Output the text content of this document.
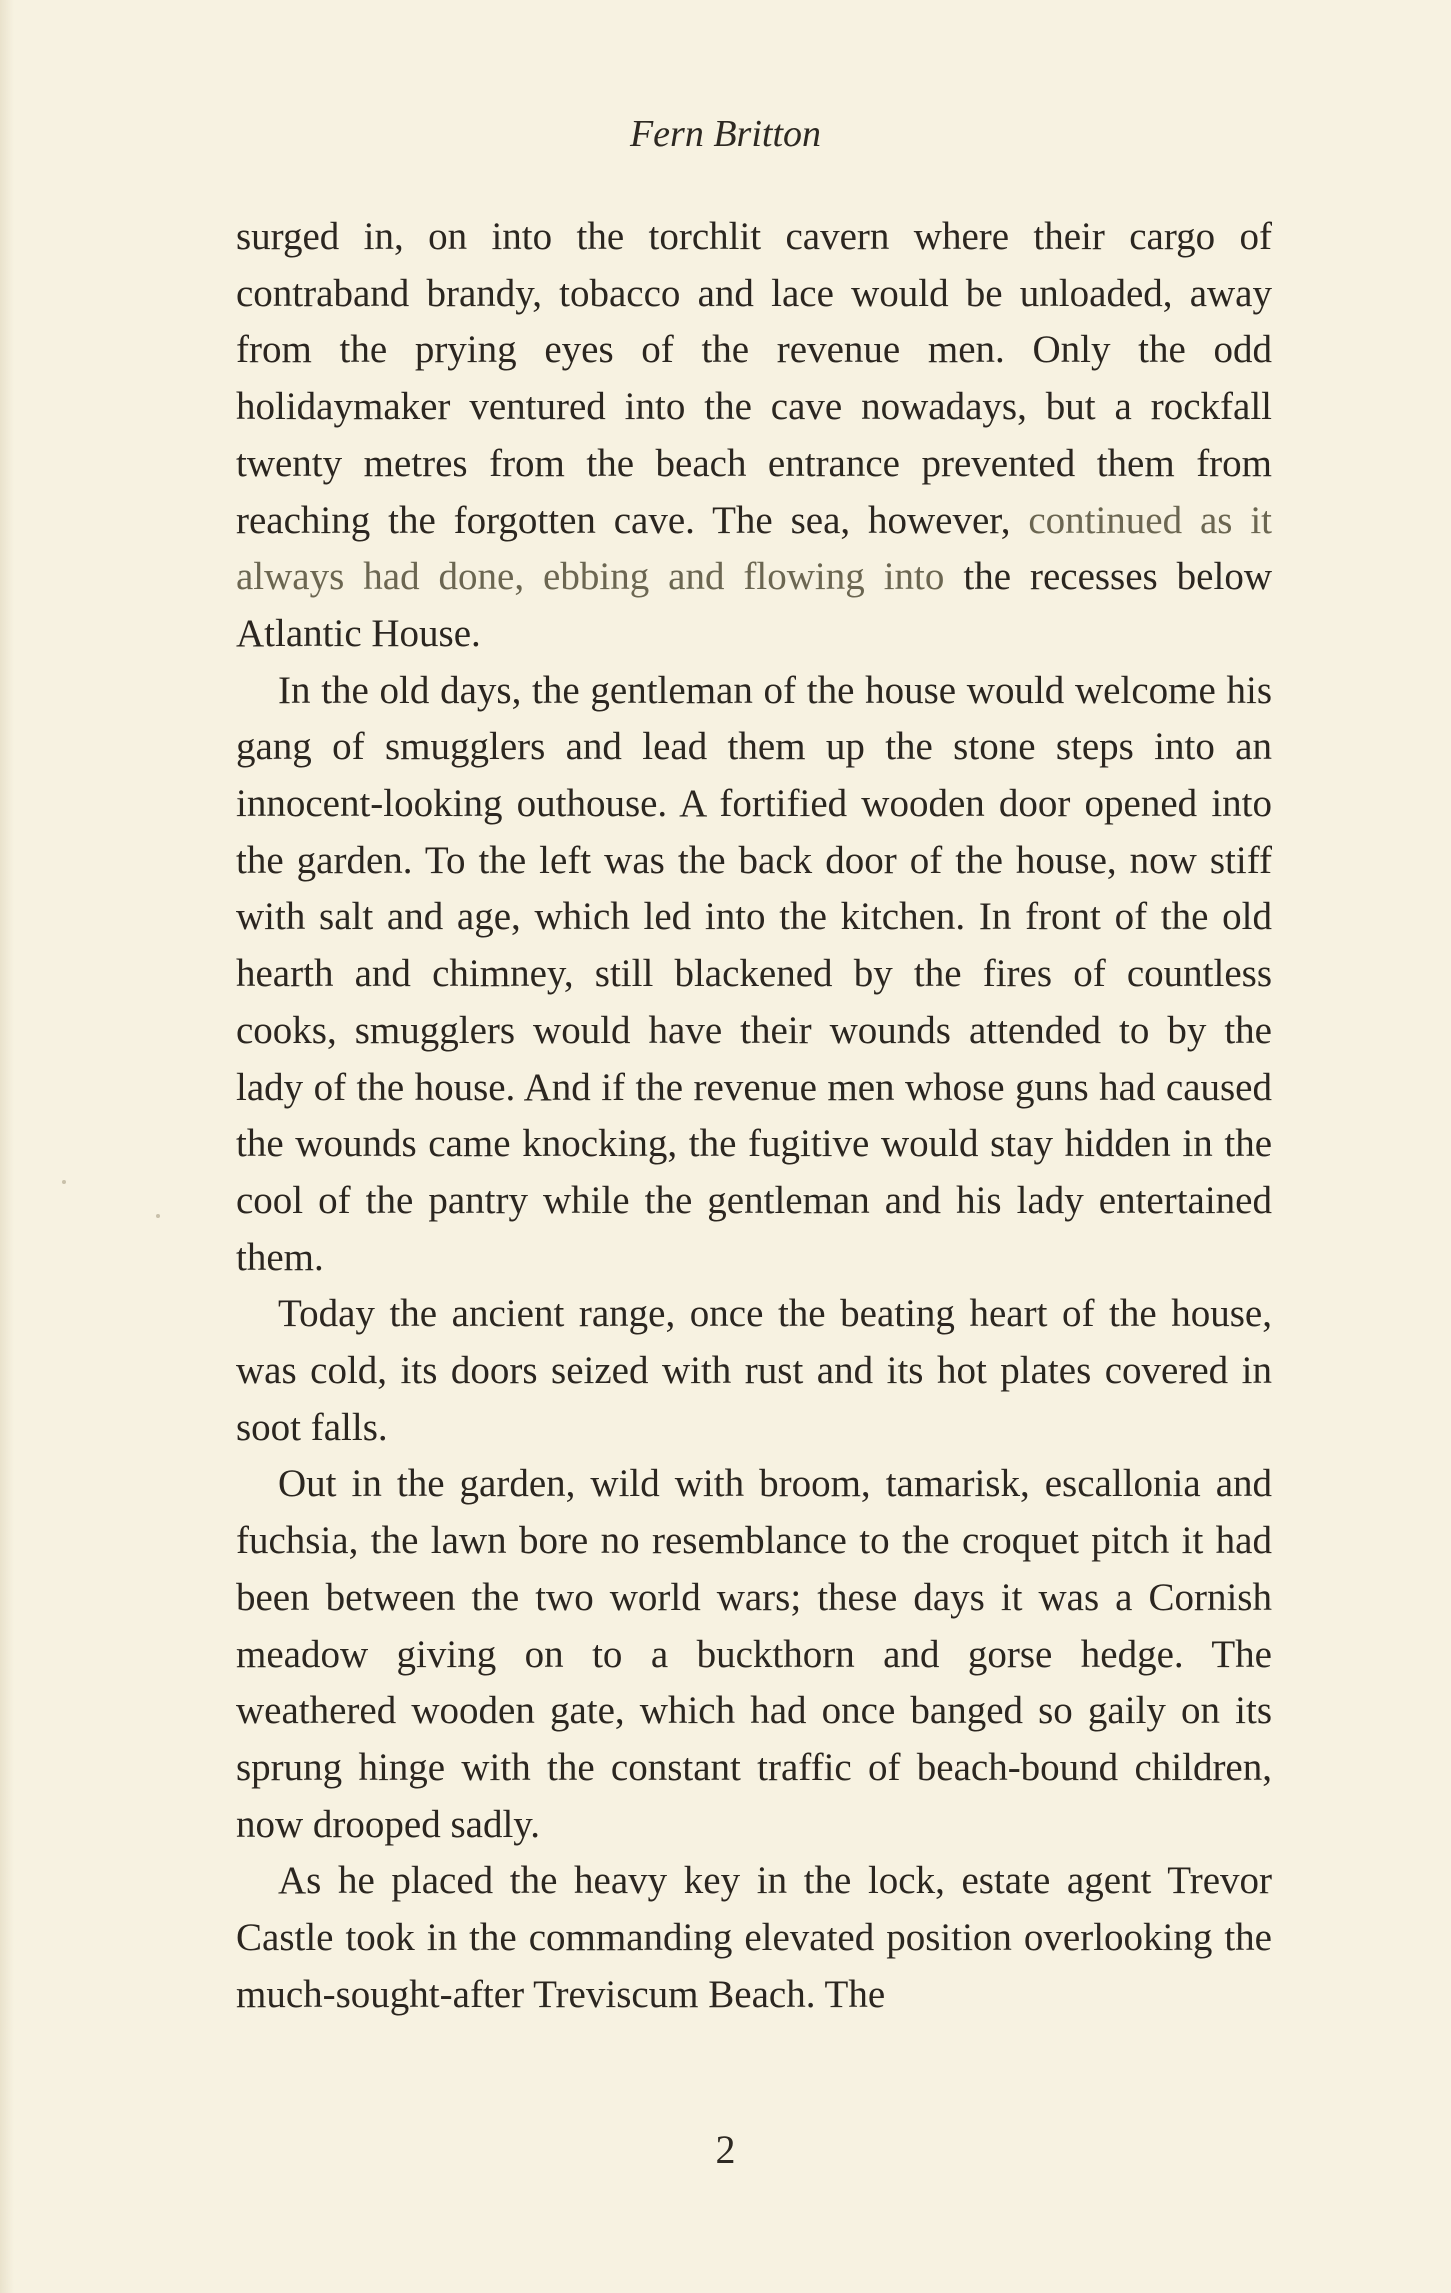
Fern Britton

surged in, on into the torchlit cavern where their cargo of contraband brandy, tobacco and lace would be unloaded, away from the prying eyes of the revenue men. Only the odd holidaymaker ventured into the cave nowadays, but a rockfall twenty metres from the beach entrance prevented them from reaching the forgotten cave. The sea, however, continued as it always had done, ebbing and flowing into the recesses below Atlantic House.

In the old days, the gentleman of the house would welcome his gang of smugglers and lead them up the stone steps into an innocent-looking outhouse. A fortified wooden door opened into the garden. To the left was the back door of the house, now stiff with salt and age, which led into the kitchen. In front of the old hearth and chimney, still blackened by the fires of countless cooks, smugglers would have their wounds attended to by the lady of the house. And if the revenue men whose guns had caused the wounds came knocking, the fugitive would stay hidden in the cool of the pantry while the gentleman and his lady entertained them.

Today the ancient range, once the beating heart of the house, was cold, its doors seized with rust and its hot plates covered in soot falls.

Out in the garden, wild with broom, tamarisk, escallonia and fuchsia, the lawn bore no resemblance to the croquet pitch it had been between the two world wars; these days it was a Cornish meadow giving on to a buckthorn and gorse hedge. The weathered wooden gate, which had once banged so gaily on its sprung hinge with the constant traffic of beach-bound children, now drooped sadly.

As he placed the heavy key in the lock, estate agent Trevor Castle took in the commanding elevated position overlooking the much-sought-after Treviscum Beach. The

2
